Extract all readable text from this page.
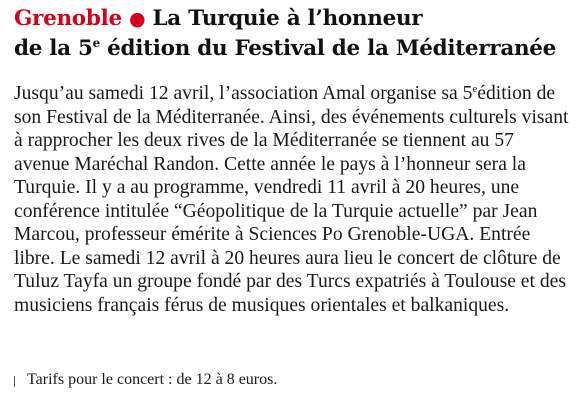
Grenoble ● La Turquie à l’honneur
de la 5e édition du Festival de la Méditerranée

Jusqu’au samedi 12 avril, l’association Amal organise sa 5eédition de son Festival de la Méditerranée. Ainsi, des événements culturels visant à rapprocher les deux rives de la Méditerranée se tiennent au 57 avenue Maréchal Randon. Cette année le pays à l’honneur sera la Turquie. Il y a au programme, vendredi 11 avril à 20 heures, une conférence intitulée “Géopolitique de la Turquie actuelle” par Jean Marcou, professeur émérite à Sciences Po Grenoble-UGA. Entrée libre. Le samedi 12 avril à 20 heures aura lieu le concert de clôture de Tuluz Tayfa un groupe fondé par des Turcs expatriés à Toulouse et des musiciens français férus de musiques orientales et balkaniques.

Tarifs pour le concert : de 12 à 8 euros.
